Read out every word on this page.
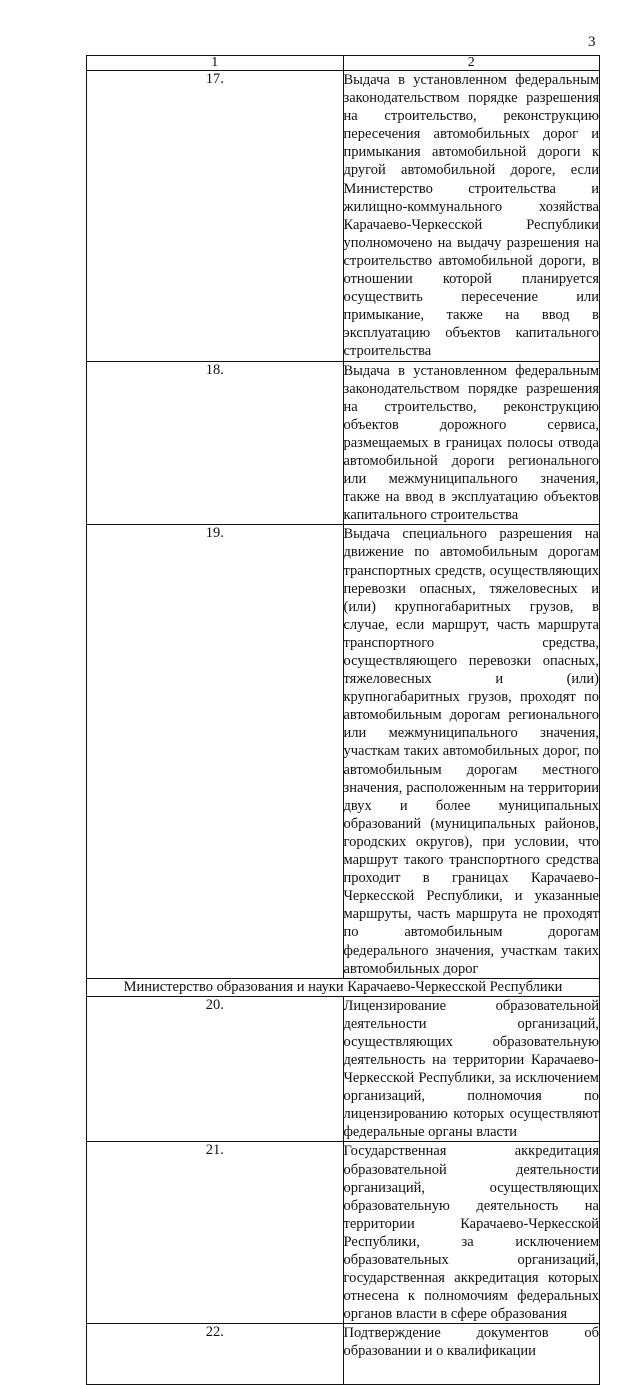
3
1	2
17.	Выдача в установленном федеральным законодательством порядке разрешения на строительство, реконструкцию пересечения автомобильных дорог и примыкания автомобильной дороги к другой автомобильной дороге, если Министерство строительства и жилищно-коммунального хозяйства Карачаево-Черкесской Республики уполномочено на выдачу разрешения на строительство автомобильной дороги, в отношении которой планируется осуществить пересечение или примыкание, также на ввод в эксплуатацию объектов капитального строительства
18.	Выдача в установленном федеральным законодательством порядке разрешения на строительство, реконструкцию объектов дорожного сервиса, размещаемых в границах полосы отвода автомобильной дороги регионального или межмуниципального значения, также на ввод в эксплуатацию объектов капитального строительства
19.	Выдача специального разрешения на движение по автомобильным дорогам транспортных средств, осуществляющих перевозки опасных, тяжеловесных и (или) крупногабаритных грузов, в случае, если маршрут, часть маршрута транспортного средства, осуществляющего перевозки опасных, тяжеловесных и (или) крупногабаритных грузов, проходят по автомобильным дорогам регионального или межмуниципального значения, участкам таких автомобильных дорог, по автомобильным дорогам местного значения, расположенным на территории двух и более муниципальных образований (муниципальных районов, городских округов), при условии, что маршрут такого транспортного средства проходит в границах Карачаево-Черкесской Республики, и указанные маршруты, часть маршрута не проходят по автомобильным дорогам федерального значения, участкам таких автомобильных дорог
Министерство образования и науки Карачаево-Черкесской Республики	
20.	Лицензирование образовательной деятельности организаций, осуществляющих образовательную деятельность на территории Карачаево-Черкесской Республики, за исключением организаций, полномочия по лицензированию которых осуществляют федеральные органы власти
21.	Государственная аккредитация образовательной деятельности организаций, осуществляющих образовательную деятельность на территории Карачаево-Черкесской Республики, за исключением образовательных организаций, государственная аккредитация которых отнесена к полномочиям федеральных органов власти в сфере образования
22.	Подтверждение документов об образовании и о квалификации
